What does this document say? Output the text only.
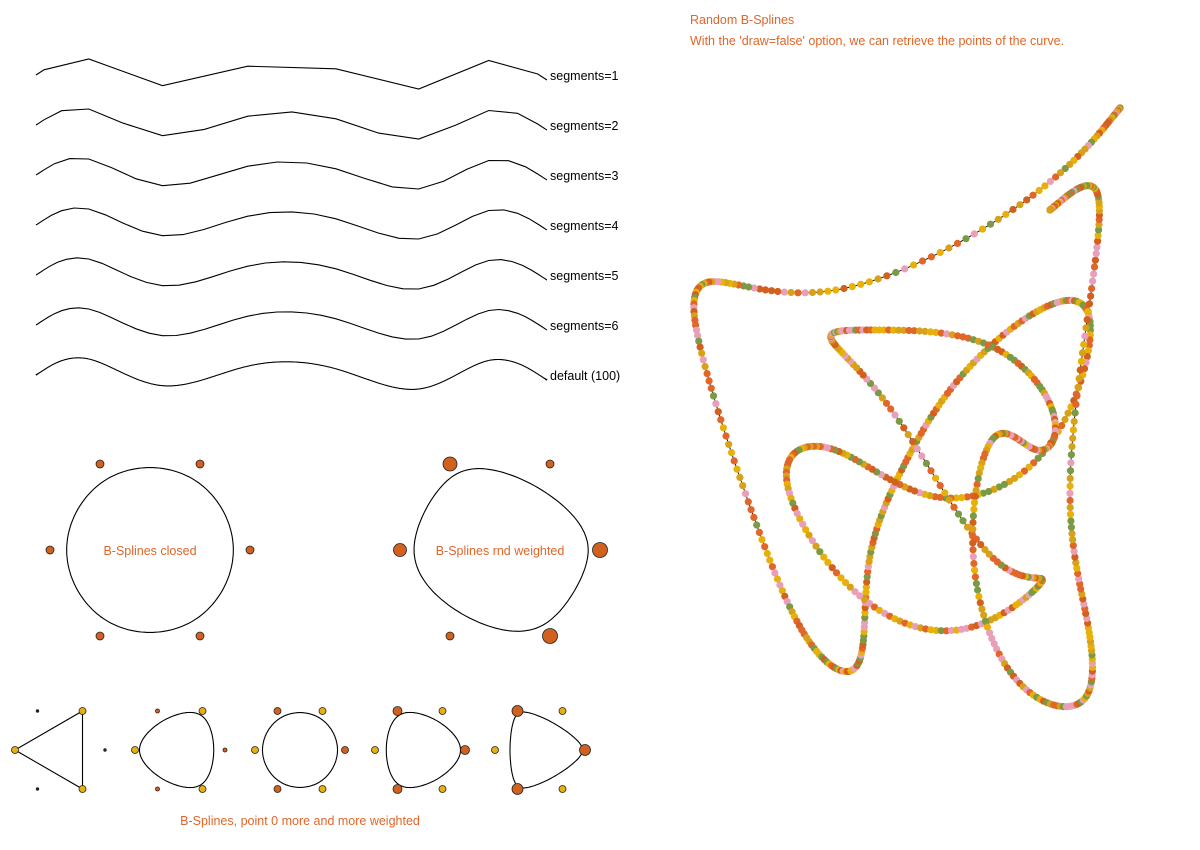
segments=1
segments=2
segments=3
segments=4
segments=5
segments=6
default (100)
B-Splines closed	B-Splines rnd weighted
B-Splines, point 0 more and more weighted
Random B-Splines
With the 'draw=false' option, we can retrieve the points of the curve.
